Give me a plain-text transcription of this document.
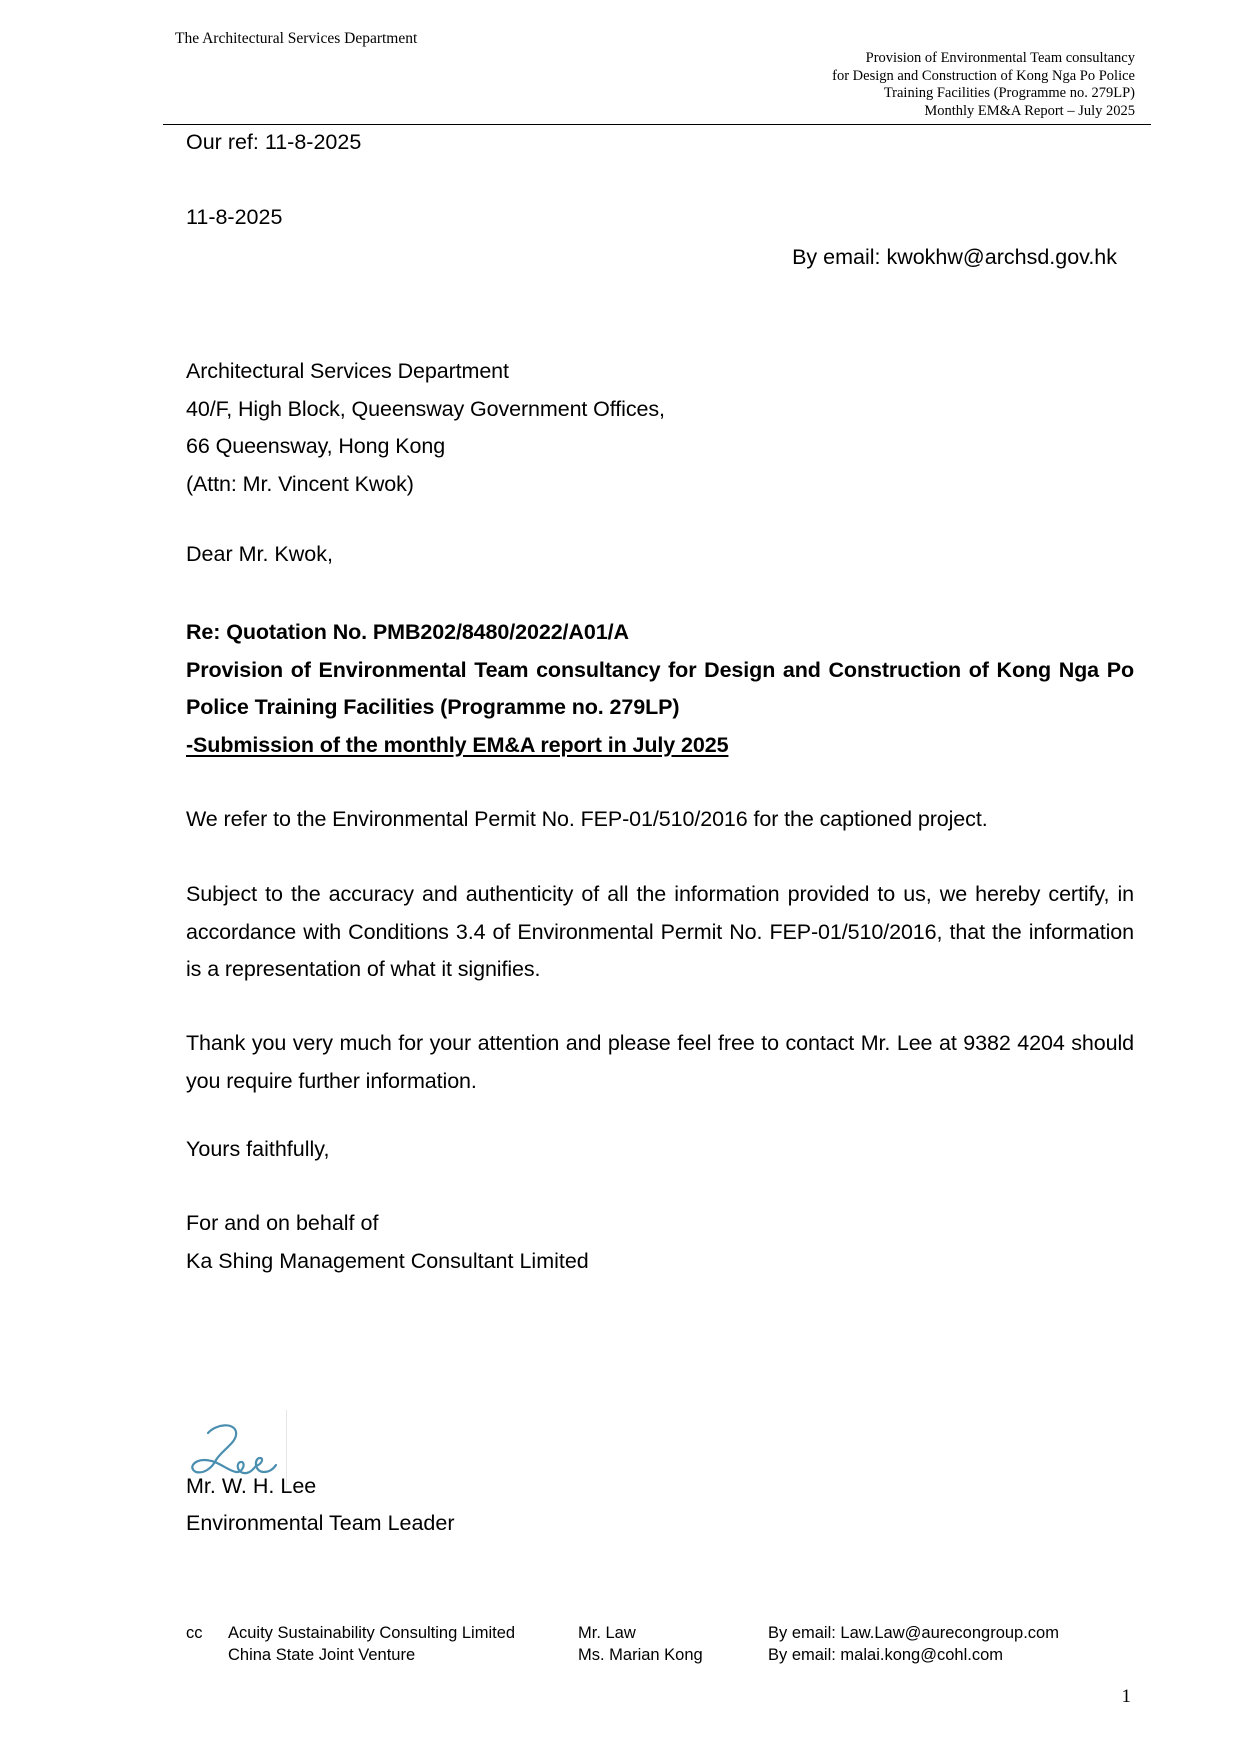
The Architectural Services Department
Provision of Environmental Team consultancy
for Design and Construction of Kong Nga Po Police
Training Facilities (Programme no. 279LP)
Monthly EM&A Report – July 2025
Our ref: 11-8-2025
11-8-2025
By email: kwokhw@archsd.gov.hk
Architectural Services Department
40/F, High Block, Queensway Government Offices,
66 Queensway, Hong Kong
(Attn: Mr. Vincent Kwok)
Dear Mr. Kwok,
Re: Quotation No. PMB202/8480/2022/A01/A
Provision of Environmental Team consultancy for Design and Construction of Kong Nga Po Police Training Facilities (Programme no. 279LP)
-Submission of the monthly EM&A report in July 2025
We refer to the Environmental Permit No. FEP-01/510/2016 for the captioned project.
Subject to the accuracy and authenticity of all the information provided to us, we hereby certify, in accordance with Conditions 3.4 of Environmental Permit No. FEP-01/510/2016, that the information is a representation of what it signifies.
Thank you very much for your attention and please feel free to contact Mr. Lee at 9382 4204 should you require further information.
Yours faithfully,
For and on behalf of
Ka Shing Management Consultant Limited
Mr. W. H. Lee
Environmental Team Leader
cc Acuity Sustainability Consulting Limited
China State Joint Venture
Mr. Law
Ms. Marian Kong
By email: Law.Law@aurecongroup.com
By email: malai.kong@cohl.com
1
